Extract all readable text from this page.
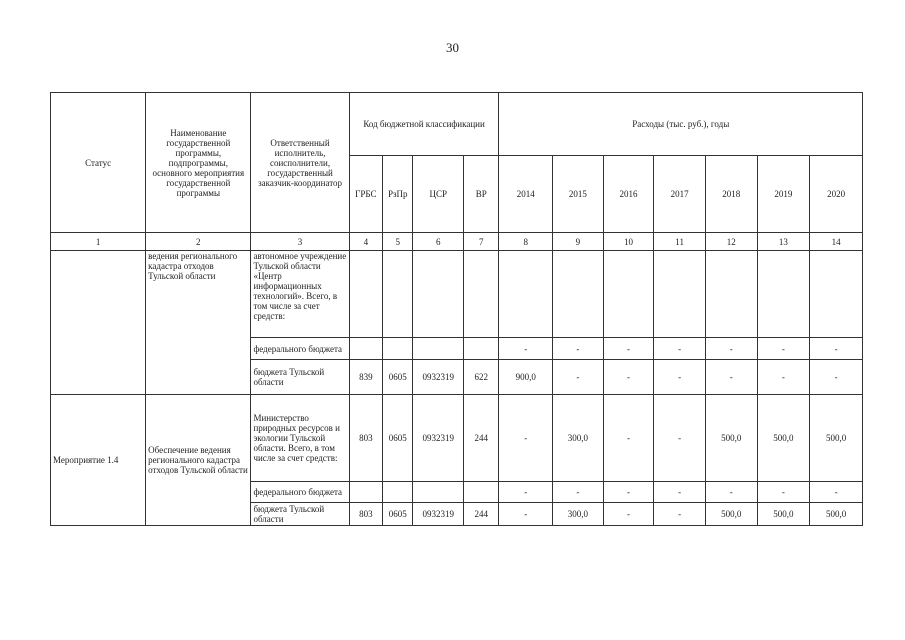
30
Статус	Наименование государственной программы, подпрограммы, основного мероприятия государственной программы	Ответственный исполнитель, соисполнители, государственный заказчик-координатор	Код бюджетной классификации				Расходы (тыс. руб.), годы						
			ГРБС	РзПр	ЦСР	ВР	2014	2015	2016	2017	2018	2019	2020
1	2	3	4	5	6	7	8	9	10	11	12	13	14
	ведения регионального кадастра отходов Тульской области	автономное учреждение Тульской области «Центр информационных технологий». Всего, в том числе за счет средств:											
		федерального бюджета					-	-	-	-	-	-	-
		бюджета Тульской области	839	0605	0932319	622	900,0	-	-	-	-	-	-
Мероприятие 1.4	Обеспечение ведения регионального кадастра отходов Тульской области	Министерство природных ресурсов и экологии Тульской области. Всего, в том числе за счет средств:	803	0605	0932319	244	-	300,0	-	-	500,0	500,0	500,0
		федерального бюджета					-	-	-	-	-	-	-
		бюджета Тульской области	803	0605	0932319	244	-	300,0	-	-	500,0	500,0	500,0
